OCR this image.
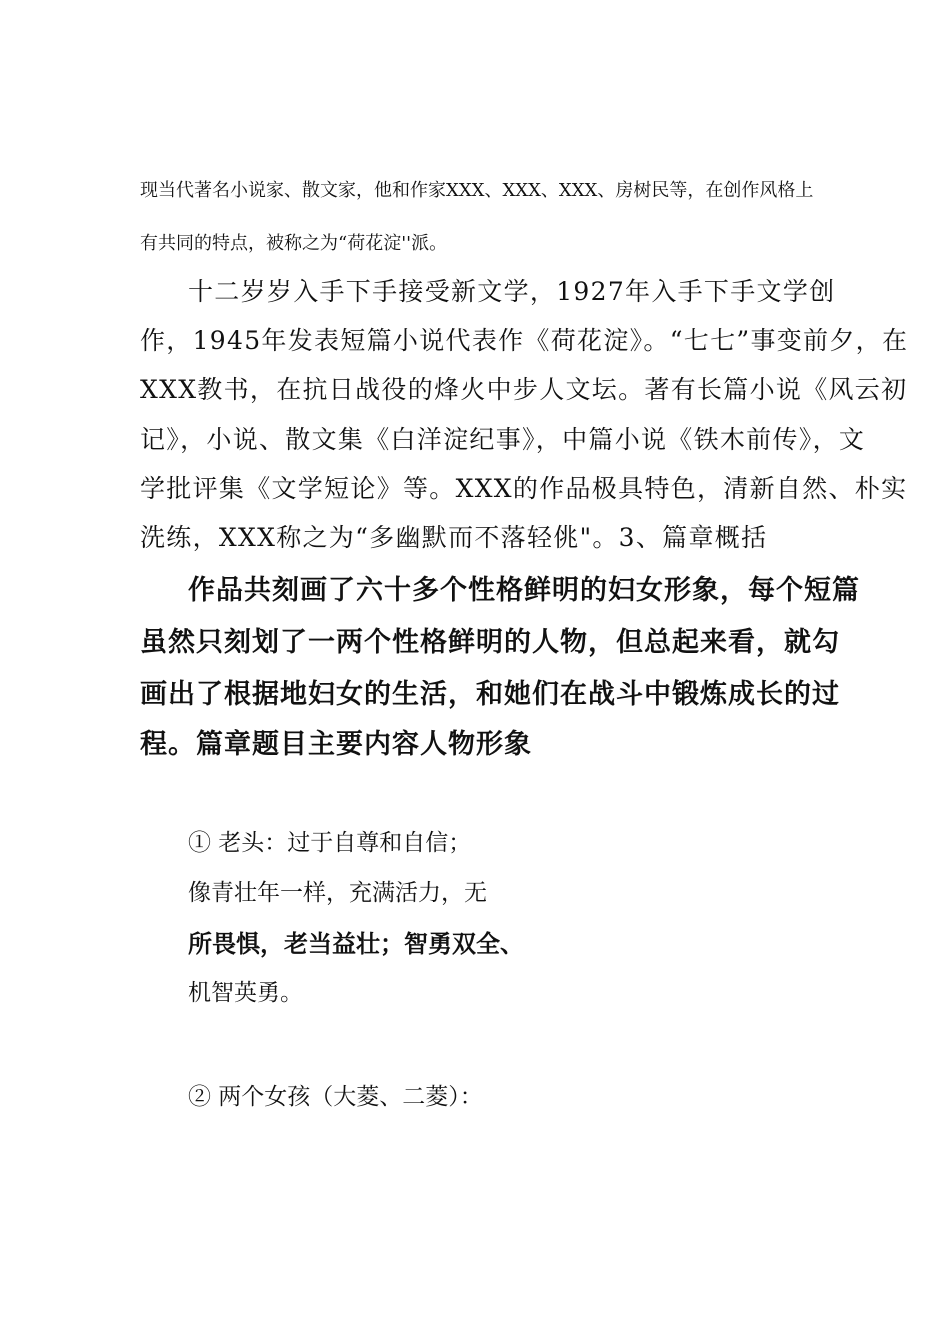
现当代著名小说家、散文家，他和作家XXX、XXX、XXX、房树民等，在创作风格上
有共同的特点，被称之为“荷花淀''派。
十二岁岁入手下手接受新文学，1927年入手下手文学创
作，1945年发表短篇小说代表作《荷花淀》。“七七”事变前夕，在
XXX教书，在抗日战役的烽火中步人文坛。著有长篇小说《风云初
记》，小说、散文集《白洋淀纪事》，中篇小说《铁木前传》，文
学批评集《文学短论》等。XXX的作品极具特色，清新自然、朴实
洗练，XXX称之为“多幽默而不落轻佻"。3、篇章概括
作品共刻画了六十多个性格鲜明的妇女形象，每个短篇
虽然只刻划了一两个性格鲜明的人物，但总起来看，就勾
画出了根据地妇女的生活，和她们在战斗中锻炼成长的过
程。篇章题目主要内容人物形象
① 老头：过于自尊和自信；
像青壮年一样，充满活力，无
所畏惧，老当益壮；智勇双全、
机智英勇。
② 两个女孩（大菱、二菱）：
